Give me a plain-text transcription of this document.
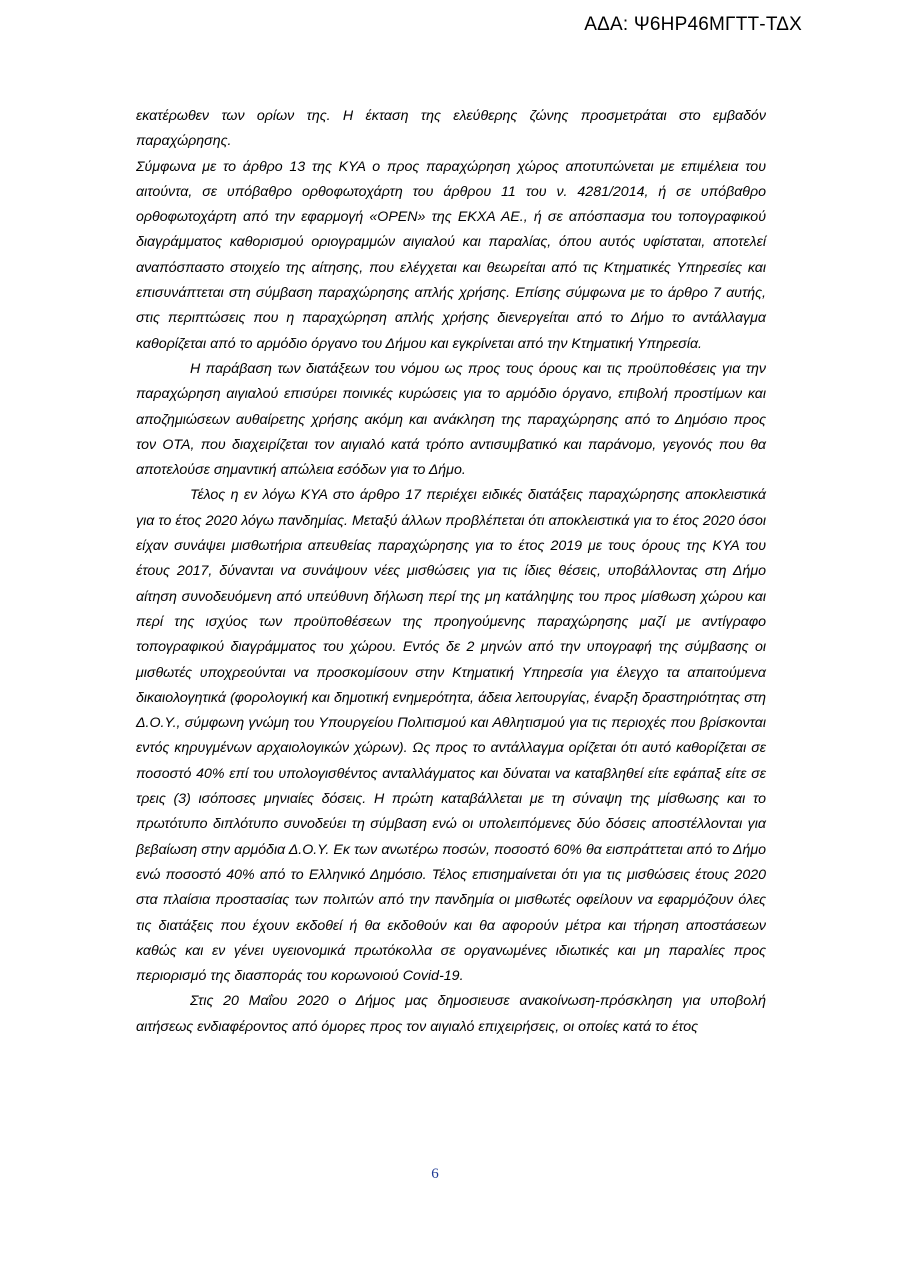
ΑΔΑ: Ψ6ΗΡ46ΜΓΤΤ-ΤΔΧ

εκατέρωθεν των ορίων της. Η έκταση της ελεύθερης ζώνης προσμετράται στο εμβαδόν παραχώρησης.

Σύμφωνα με το άρθρο 13 της ΚΥΑ ο προς παραχώρηση χώρος αποτυπώνεται με επιμέλεια του αιτούντα, σε υπόβαθρο ορθοφωτοχάρτη του άρθρου 11 του ν. 4281/2014, ή σε υπόβαθρο ορθοφωτοχάρτη από την εφαρμογή «OPEN» της ΕΚΧΑ ΑΕ., ή σε απόσπασμα του τοπογραφικού διαγράμματος καθορισμού οριογραμμών αιγιαλού και παραλίας, όπου αυτός υφίσταται, αποτελεί αναπόσπαστο στοιχείο της αίτησης, που ελέγχεται και θεωρείται από τις Κτηματικές Υπηρεσίες και επισυνάπτεται στη σύμβαση παραχώρησης απλής χρήσης. Επίσης σύμφωνα με το άρθρο 7 αυτής, στις περιπτώσεις που η παραχώρηση απλής χρήσης διενεργείται από το Δήμο το αντάλλαγμα καθορίζεται από το αρμόδιο όργανο του Δήμου και εγκρίνεται από την Κτηματική Υπηρεσία.

Η παράβαση των διατάξεων του νόμου ως προς τους όρους και τις προϋποθέσεις για την παραχώρηση αιγιαλού επισύρει ποινικές κυρώσεις για το αρμόδιο όργανο, επιβολή προστίμων και αποζημιώσεων αυθαίρετης χρήσης ακόμη και ανάκληση της παραχώρησης από το Δημόσιο προς τον ΟΤΑ, που διαχειρίζεται τον αιγιαλό κατά τρόπο αντισυμβατικό και παράνομο, γεγονός που θα αποτελούσε σημαντική απώλεια εσόδων για το Δήμο.

Τέλος η εν λόγω ΚΥΑ στο άρθρο 17 περιέχει ειδικές διατάξεις παραχώρησης αποκλειστικά για το έτος 2020 λόγω πανδημίας. Μεταξύ άλλων προβλέπεται ότι αποκλειστικά για το έτος 2020 όσοι είχαν συνάψει μισθωτήρια απευθείας παραχώρησης για το έτος 2019 με τους όρους της ΚΥΑ του έτους 2017, δύνανται να συνάψουν νέες μισθώσεις για τις ίδιες θέσεις, υποβάλλοντας στη Δήμο αίτηση συνοδευόμενη από υπεύθυνη δήλωση περί της μη κατάληψης του προς μίσθωση χώρου και περί της ισχύος των προϋποθέσεων της προηγούμενης παραχώρησης μαζί με αντίγραφο τοπογραφικού διαγράμματος του χώρου. Εντός δε 2 μηνών από την υπογραφή της σύμβασης οι μισθωτές υποχρεούνται να προσκομίσουν στην Κτηματική Υπηρεσία για έλεγχο τα απαιτούμενα δικαιολογητικά (φορολογική και δημοτική ενημερότητα, άδεια λειτουργίας, έναρξη δραστηριότητας στη Δ.Ο.Υ., σύμφωνη γνώμη του Υπουργείου Πολιτισμού και Αθλητισμού για τις περιοχές που βρίσκονται εντός κηρυγμένων αρχαιολογικών χώρων). Ως προς το αντάλλαγμα ορίζεται ότι αυτό καθορίζεται σε ποσοστό 40% επί του υπολογισθέντος ανταλλάγματος και δύναται να καταβληθεί είτε εφάπαξ είτε σε τρεις (3) ισόποσες μηνιαίες δόσεις. Η πρώτη καταβάλλεται με τη σύναψη της μίσθωσης και το πρωτότυπο διπλότυπο συνοδεύει τη σύμβαση ενώ οι υπολειπόμενες δύο δόσεις αποστέλλονται για βεβαίωση στην αρμόδια Δ.Ο.Υ. Εκ των ανωτέρω ποσών, ποσοστό 60% θα εισπράττεται από το Δήμο ενώ ποσοστό 40% από το Ελληνικό Δημόσιο. Τέλος επισημαίνεται ότι για τις μισθώσεις έτους 2020 στα πλαίσια προστασίας των πολιτών από την πανδημία οι μισθωτές οφείλουν να εφαρμόζουν όλες τις διατάξεις που έχουν εκδοθεί ή θα εκδοθούν και θα αφορούν μέτρα και τήρηση αποστάσεων καθώς και εν γένει υγειονομικά πρωτόκολλα σε οργανωμένες ιδιωτικές και μη παραλίες προς περιορισμό της διασποράς του κορωνοιού Covid-19.

Στις 20 Μαΐου 2020 ο Δήμος μας δημοσιευσε ανακοίνωση-πρόσκληση για υποβολή αιτήσεως ενδιαφέροντος από όμορες προς τον αιγιαλό επιχειρήσεις, οι οποίες κατά το έτος

6
